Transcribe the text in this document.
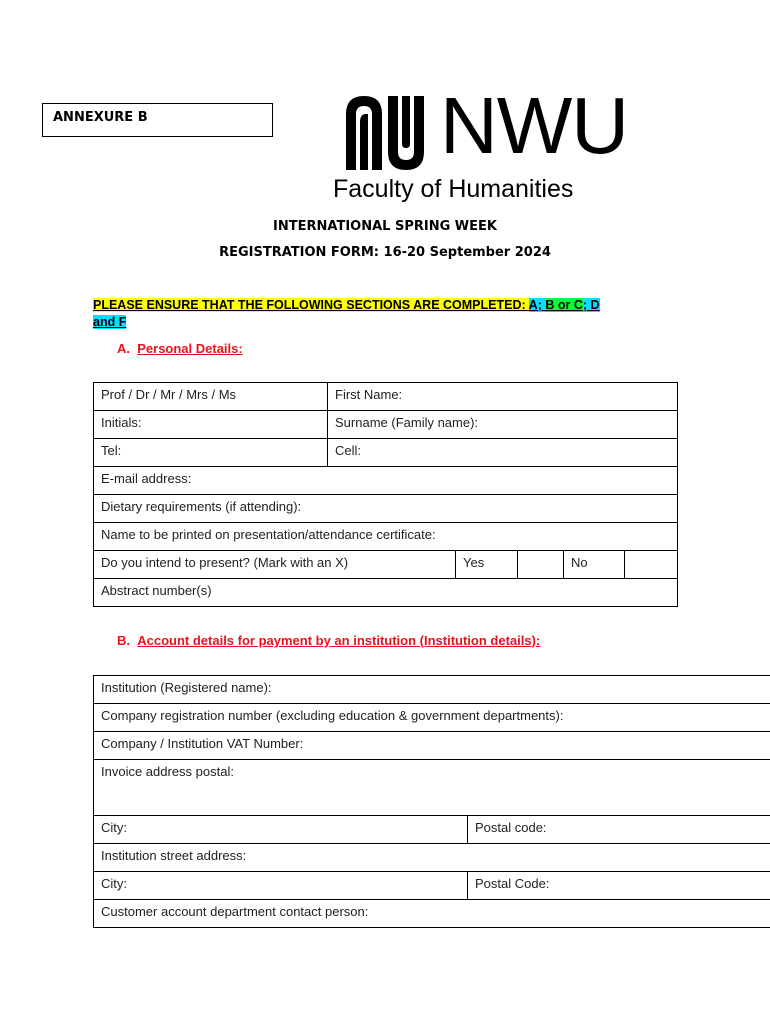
ANNEXURE B	NWU
Faculty of Humanities
INTERNATIONAL SPRING WEEK
REGISTRATION FORM: 16-20 September 2024
PLEASE ENSURE THAT THE FOLLOWING SECTIONS ARE COMPLETED: A; B or C; D
and F
A. Personal Details:
Prof / Dr / Mr / Mrs / Ms	First Name:				
Initials:	Surname (Family name):				
Tel:	Cell:				
E-mail address:					
Dietary requirements (if attending):					
Name to be printed on presentation/attendance certificate:					
Do you intend to present? (Mark with an X)		Yes		No	
Abstract number(s)					
B. Account details for payment by an institution (Institution details):
Institution (Registered name):	
Company registration number (excluding education & government departments):	
Company / Institution VAT Number:	
Invoice address postal:	
City:	Postal code:
Institution street address:	
City:	Postal Code:
Customer account department contact person:	
